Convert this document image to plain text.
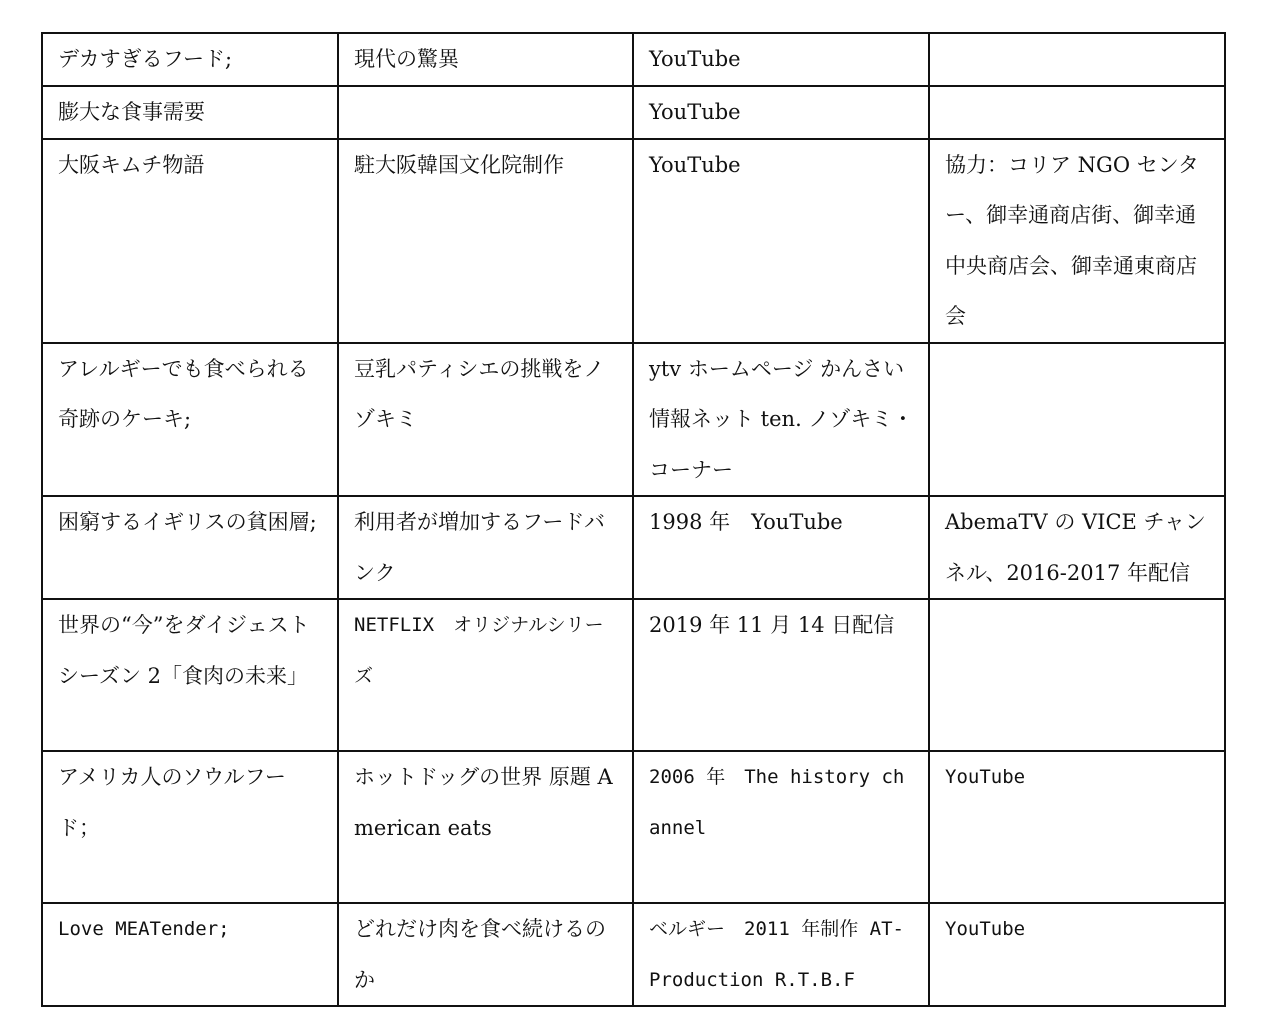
デカすぎるフード;	現代の驚異	YouTube	

膨大な食事需要		YouTube	

大阪キムチ物語	駐大阪韓国文化院制作	YouTube	協力：コリア NGO センター、御幸通商店街、御幸通中央商店会、御幸通東商店会

アレルギーでも食べられる奇跡のケーキ;	豆乳パティシエの挑戦をノゾキミ	ytv ホームページ かんさい情報ネット ten. ノゾキミ・コーナー	

困窮するイギリスの貧困層;	利用者が増加するフードバンク	1998 年　YouTube	AbemaTV の VICE チャンネル、2016-2017 年配信

世界の“今”をダイジェストシーズン 2「食肉の未来」	NETFLIX　オリジナルシリーズ	2019 年 11 月 14 日配信	

アメリカ人のソウルフード；	ホットドッグの世界 原題 American eats	2006 年　The history channel	YouTube

Love MEATender;	どれだけ肉を食べ続けるのか	ベルギー　2011 年制作 AT-Production R.T.B.F	YouTube
